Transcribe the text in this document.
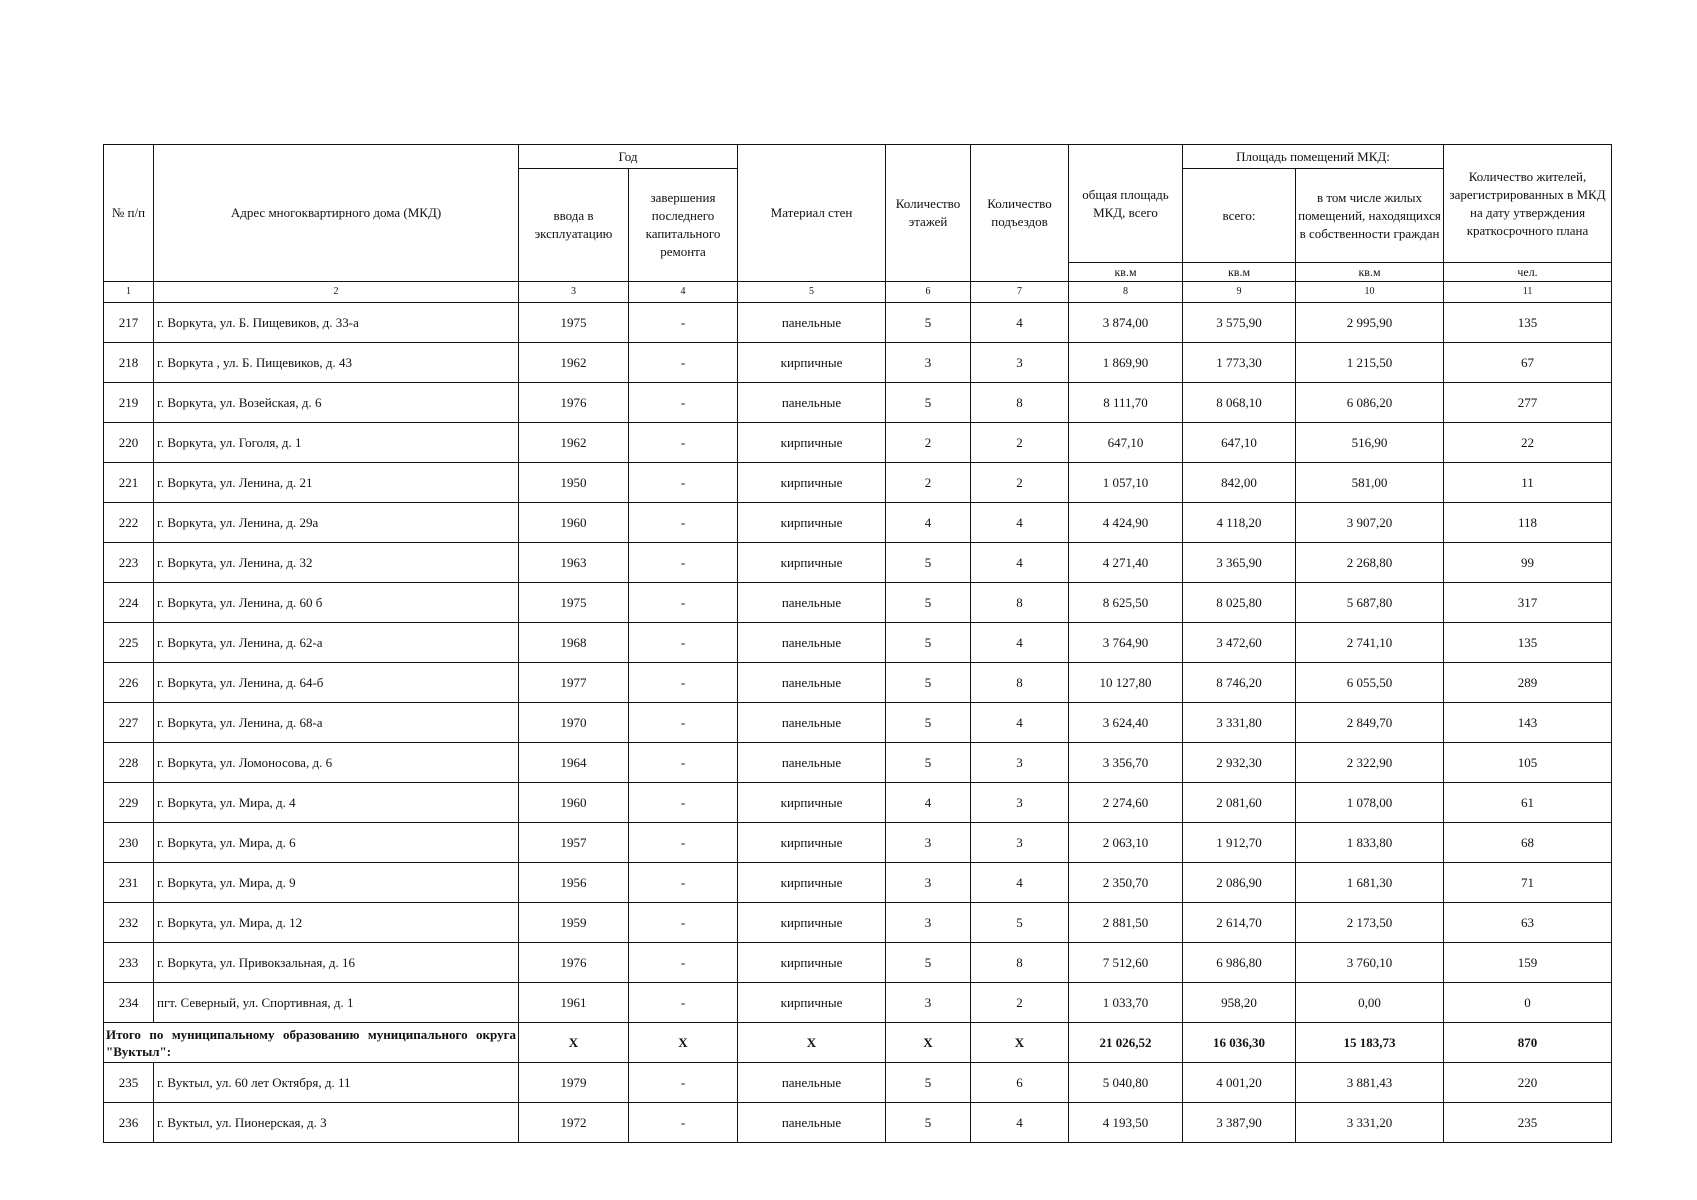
№ п/п	Адрес многоквартирного дома (МКД)	Год		Материал стен	Количество этажей	Количество подъездов	общая площадь МКД, всего	Площадь помещений МКД:		Количество жителей, зарегистрированных в МКД на дату утверждения краткосрочного плана
		ввода в эксплуатацию	завершения последнего капитального ремонта					всего:	в том числе жилых помещений, находящихся в собственности граждан	
							кв.м	кв.м	кв.м	чел.
1	2	3	4	5	6	7	8	9	10	11
217	г. Воркута, ул. Б. Пищевиков, д. 33-а	1975	-	панельные	5	4	3 874,00	3 575,90	2 995,90	135
218	г. Воркута , ул. Б. Пищевиков, д. 43	1962	-	кирпичные	3	3	1 869,90	1 773,30	1 215,50	67
219	г. Воркута, ул. Возейская, д. 6	1976	-	панельные	5	8	8 111,70	8 068,10	6 086,20	277
220	г. Воркута, ул. Гоголя, д. 1	1962	-	кирпичные	2	2	647,10	647,10	516,90	22
221	г. Воркута, ул. Ленина, д. 21	1950	-	кирпичные	2	2	1 057,10	842,00	581,00	11
222	г. Воркута, ул. Ленина, д. 29а	1960	-	кирпичные	4	4	4 424,90	4 118,20	3 907,20	118
223	г. Воркута, ул. Ленина, д. 32	1963	-	кирпичные	5	4	4 271,40	3 365,90	2 268,80	99
224	г. Воркута, ул. Ленина, д. 60 б	1975	-	панельные	5	8	8 625,50	8 025,80	5 687,80	317
225	г. Воркута, ул. Ленина, д. 62-а	1968	-	панельные	5	4	3 764,90	3 472,60	2 741,10	135
226	г. Воркута, ул. Ленина, д. 64-б	1977	-	панельные	5	8	10 127,80	8 746,20	6 055,50	289
227	г. Воркута, ул. Ленина, д. 68-а	1970	-	панельные	5	4	3 624,40	3 331,80	2 849,70	143
228	г. Воркута, ул. Ломоносова, д. 6	1964	-	панельные	5	3	3 356,70	2 932,30	2 322,90	105
229	г. Воркута, ул. Мира, д. 4	1960	-	кирпичные	4	3	2 274,60	2 081,60	1 078,00	61
230	г. Воркута, ул. Мира, д. 6	1957	-	кирпичные	3	3	2 063,10	1 912,70	1 833,80	68
231	г. Воркута, ул. Мира, д. 9	1956	-	кирпичные	3	4	2 350,70	2 086,90	1 681,30	71
232	г. Воркута, ул. Мира, д. 12	1959	-	кирпичные	3	5	2 881,50	2 614,70	2 173,50	63
233	г. Воркута, ул. Привокзальная, д. 16	1976	-	кирпичные	5	8	7 512,60	6 986,80	3 760,10	159
234	пгт. Северный, ул. Спортивная, д. 1	1961	-	кирпичные	3	2	1 033,70	958,20	0,00	0
Итого по муниципальному образованию муниципального округа "Вуктыл":		X	X	X	X	X	21 026,52	16 036,30	15 183,73	870
235	г. Вуктыл, ул. 60 лет Октября, д. 11	1979	-	панельные	5	6	5 040,80	4 001,20	3 881,43	220
236	г. Вуктыл, ул. Пионерская, д. 3	1972	-	панельные	5	4	4 193,50	3 387,90	3 331,20	235
